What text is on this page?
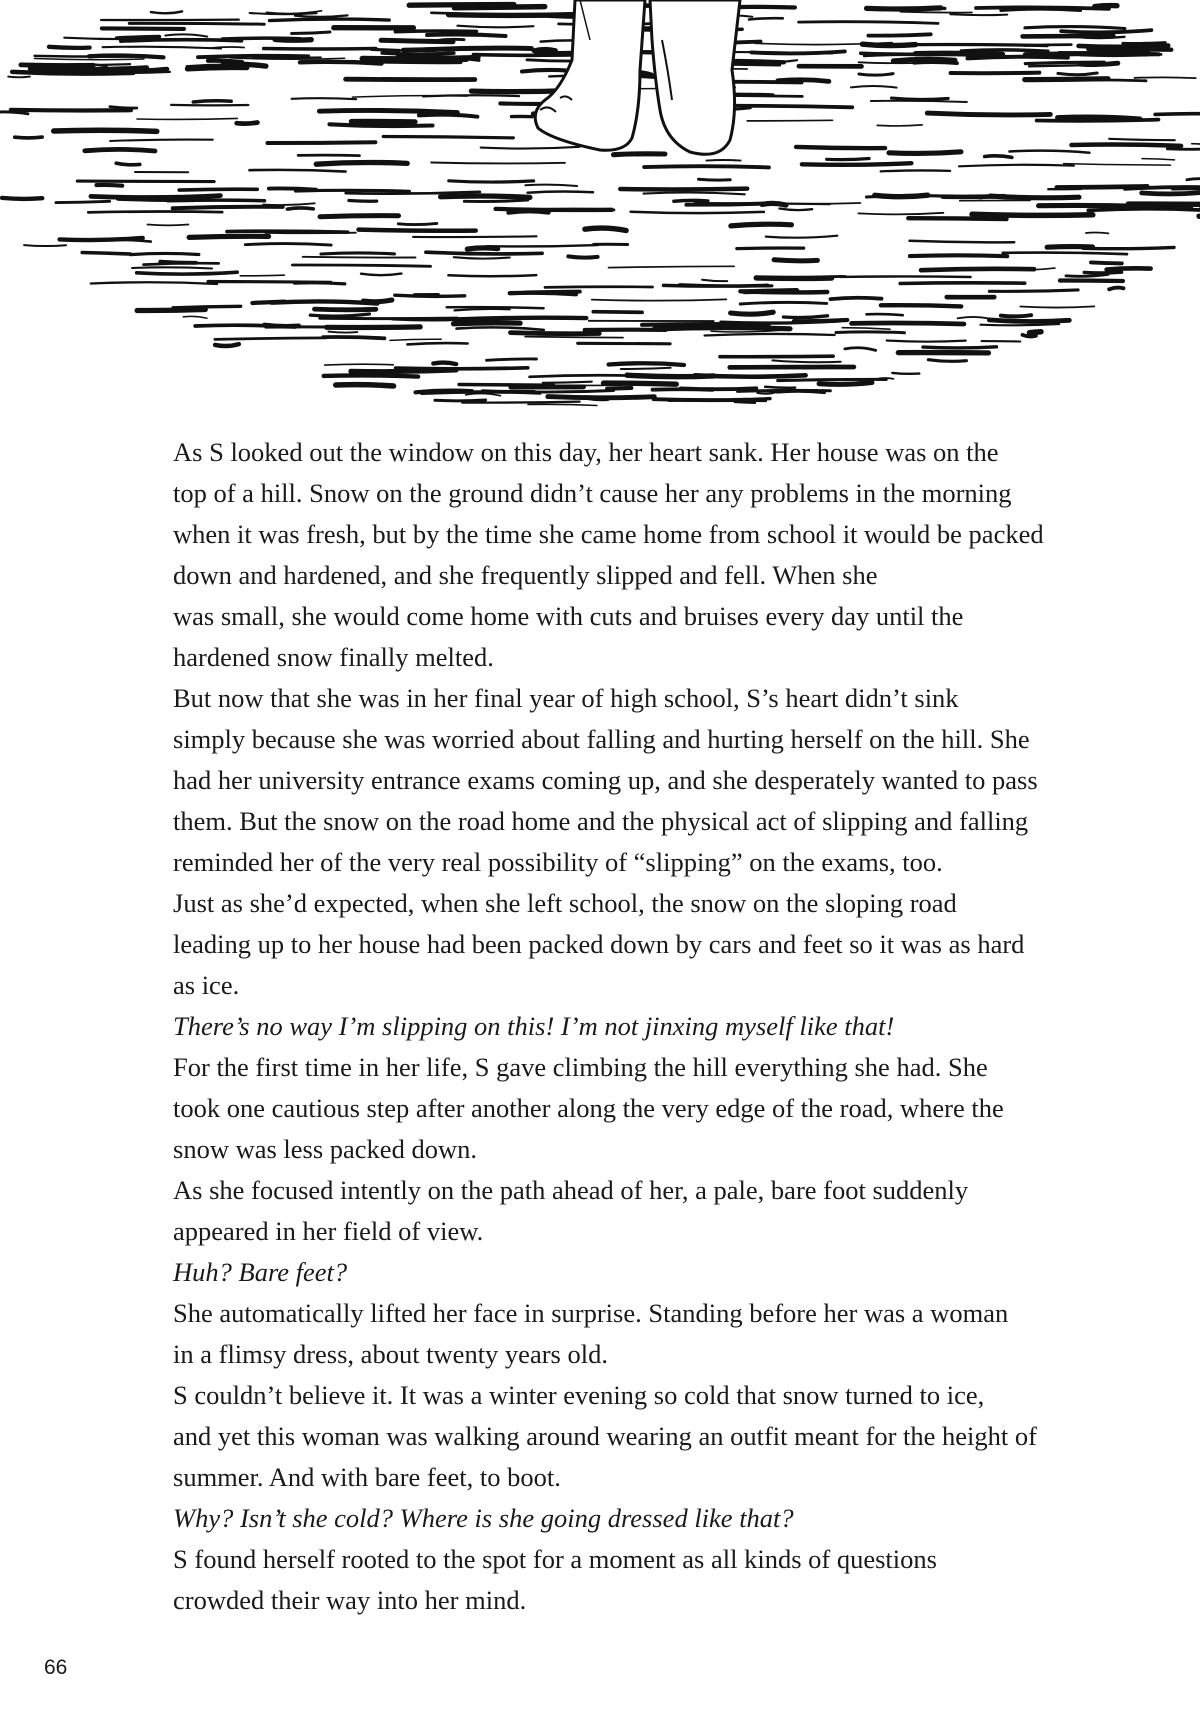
As S looked out the window on this day, her heart sank. Her house was on the
top of a hill. Snow on the ground didn’t cause her any problems in the morning
when it was fresh, but by the time she came home from school it would be packed
down and hardened, and she frequently slipped and fell. When she
was small, she would come home with cuts and bruises every day until the
hardened snow finally melted.

But now that she was in her final year of high school, S’s heart didn’t sink
simply because she was worried about falling and hurting herself on the hill. She
had her university entrance exams coming up, and she desperately wanted to pass
them. But the snow on the road home and the physical act of slipping and falling
reminded her of the very real possibility of “slipping” on the exams, too.

Just as she’d expected, when she left school, the snow on the sloping road
leading up to her house had been packed down by cars and feet so it was as hard
as ice.

There’s no way I’m slipping on this! I’m not jinxing myself like that!

For the first time in her life, S gave climbing the hill everything she had. She
took one cautious step after another along the very edge of the road, where the
snow was less packed down.

As she focused intently on the path ahead of her, a pale, bare foot suddenly
appeared in her field of view.

Huh? Bare feet?

She automatically lifted her face in surprise. Standing before her was a woman
in a flimsy dress, about twenty years old.

S couldn’t believe it. It was a winter evening so cold that snow turned to ice,
and yet this woman was walking around wearing an outfit meant for the height of
summer. And with bare feet, to boot.

Why? Isn’t she cold? Where is she going dressed like that?

S found herself rooted to the spot for a moment as all kinds of questions
crowded their way into her mind.

66
